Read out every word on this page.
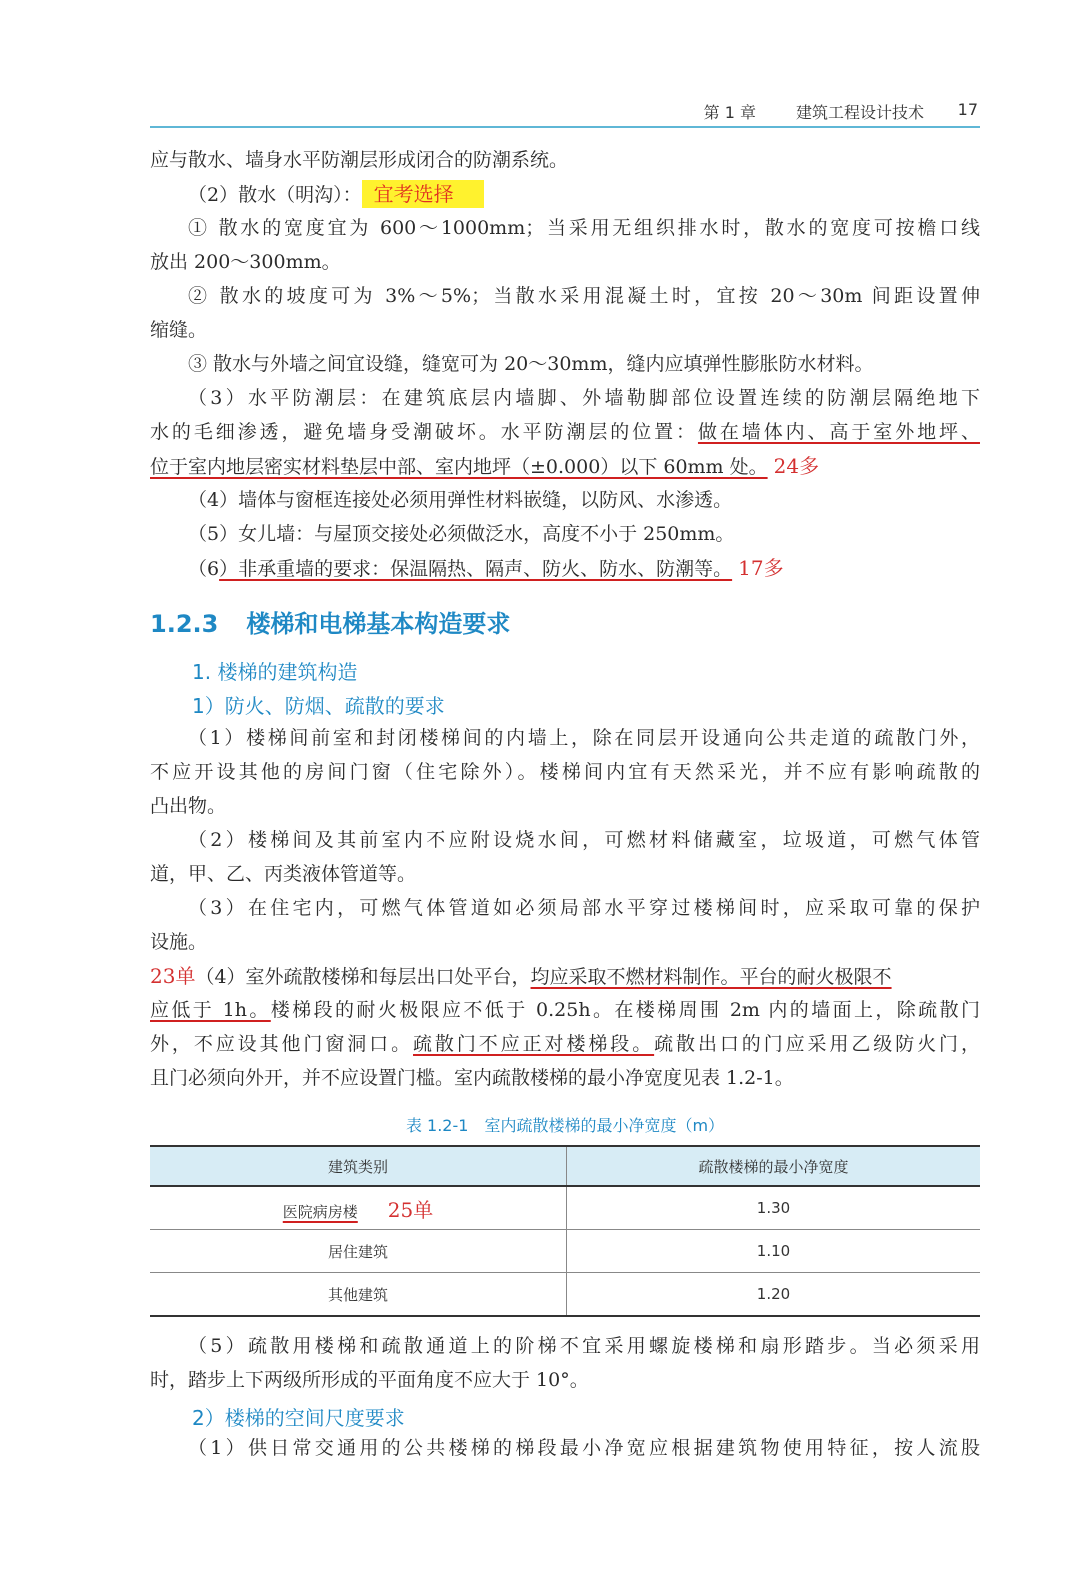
第 1 章 建筑工程设计技术 17
应与散水、墙身水平防潮层形成闭合的防潮系统。
（2）散水（明沟）： 宜考选择
① 散水的宽度宜为 600～1000mm；当采用无组织排水时，散水的宽度可按檐口线
放出 200～300mm。
② 散水的坡度可为 3%～5%；当散水采用混凝土时，宜按 20～30m 间距设置伸
缩缝。
③ 散水与外墙之间宜设缝，缝宽可为 20～30mm，缝内应填弹性膨胀防水材料。
（3）水平防潮层：在建筑底层内墙脚、外墙勒脚部位设置连续的防潮层隔绝地下
水的毛细渗透，避免墙身受潮破坏。水平防潮层的位置：做在墙体内、高于室外地坪、
位于室内地层密实材料垫层中部、室内地坪（±0.000）以下 60mm 处。 24多
（4）墙体与窗框连接处必须用弹性材料嵌缝，以防风、水渗透。
（5）女儿墙：与屋顶交接处必须做泛水，高度不小于 250mm。
（6）非承重墙的要求：保温隔热、隔声、防火、防水、防潮等。 17多
1.2.3 楼梯和电梯基本构造要求
1. 楼梯的建筑构造
1）防火、防烟、疏散的要求
（1）楼梯间前室和封闭楼梯间的内墙上，除在同层开设通向公共走道的疏散门外，
不应开设其他的房间门窗（住宅除外）。楼梯间内宜有天然采光，并不应有影响疏散的
凸出物。
（2）楼梯间及其前室内不应附设烧水间，可燃材料储藏室，垃圾道，可燃气体管
道，甲、乙、丙类液体管道等。
（3）在住宅内，可燃气体管道如必须局部水平穿过楼梯间时，应采取可靠的保护
设施。
23单（4）室外疏散楼梯和每层出口处平台，均应采取不燃材料制作。平台的耐火极限不
应低于 1h。楼梯段的耐火极限应不低于 0.25h。在楼梯周围 2m 内的墙面上，除疏散门
外，不应设其他门窗洞口。疏散门不应正对楼梯段。疏散出口的门应采用乙级防火门，
且门必须向外开，并不应设置门槛。室内疏散楼梯的最小净宽度见表 1.2-1。
表 1.2-1　室内疏散楼梯的最小净宽度（m）
建筑类别	疏散楼梯的最小净宽度
医院病房楼 25单	1.30
居住建筑	1.10
其他建筑	1.20
（5）疏散用楼梯和疏散通道上的阶梯不宜采用螺旋楼梯和扇形踏步。当必须采用
时，踏步上下两级所形成的平面角度不应大于 10°。
2）楼梯的空间尺度要求
（1）供日常交通用的公共楼梯的梯段最小净宽应根据建筑物使用特征，按人流股
